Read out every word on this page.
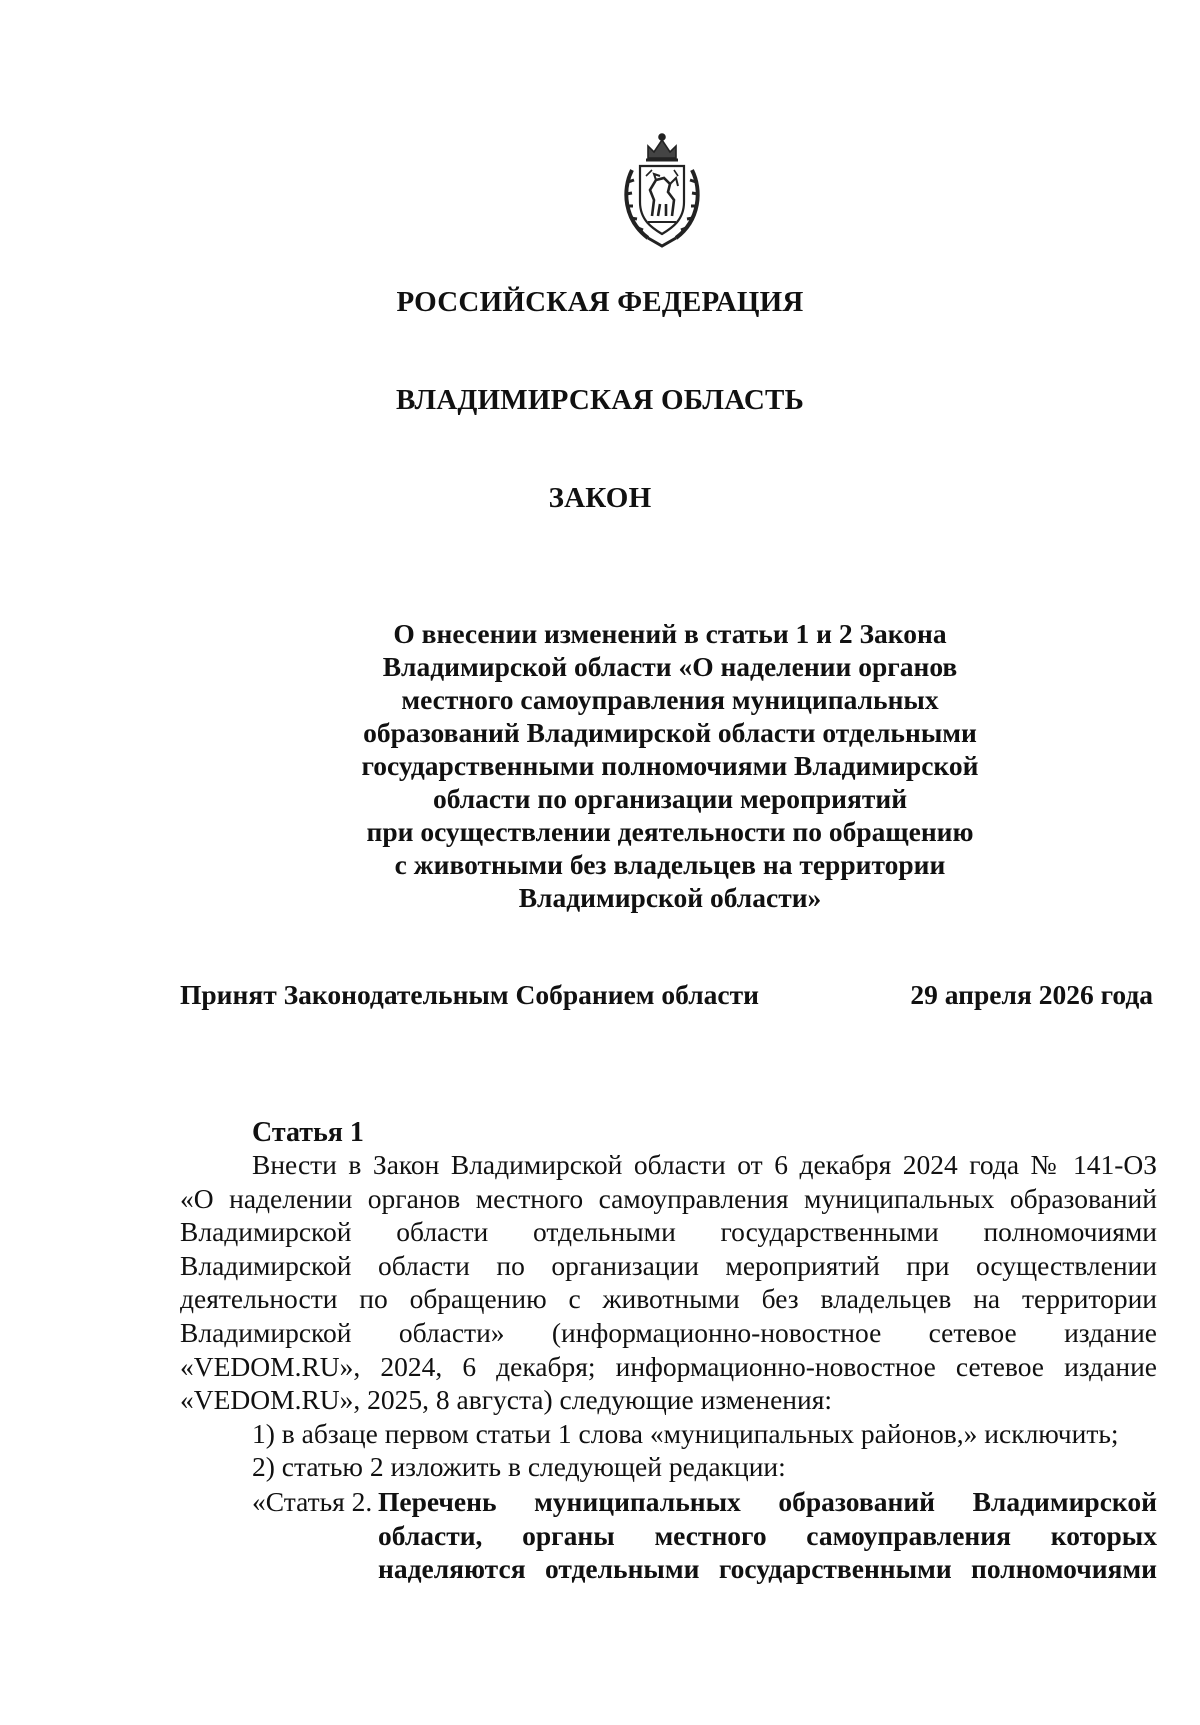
РОССИЙСКАЯ ФЕДЕРАЦИЯ
ВЛАДИМИРСКАЯ ОБЛАСТЬ
ЗАКОН
О внесении изменений в статьи 1 и 2 Закона
Владимирской области «О наделении органов
местного самоуправления муниципальных
образований Владимирской области отдельными
государственными полномочиями Владимирской
области по организации мероприятий
при осуществлении деятельности по обращению
с животными без владельцев на территории
Владимирской области»
Принят Законодательным Собранием области	29 апреля 2026 года
Статья 1
Внести в Закон Владимирской области от 6 декабря 2024 года № 141-ОЗ
«О наделении органов местного самоуправления муниципальных образований
Владимирской области отдельными государственными полномочиями
Владимирской области по организации мероприятий при осуществлении
деятельности по обращению с животными без владельцев на территории
Владимирской области» (информационно-новостное сетевое издание
«VEDOM.RU», 2024, 6 декабря; информационно-новостное сетевое издание
«VEDOM.RU», 2025, 8 августа) следующие изменения:
1) в абзаце первом статьи 1 слова «муниципальных районов,» исключить;
2) статью 2 изложить в следующей редакции:
«Статья 2. Перечень муниципальных образований Владимирской
области, органы местного самоуправления которых
наделяются отдельными государственными полномочиями
